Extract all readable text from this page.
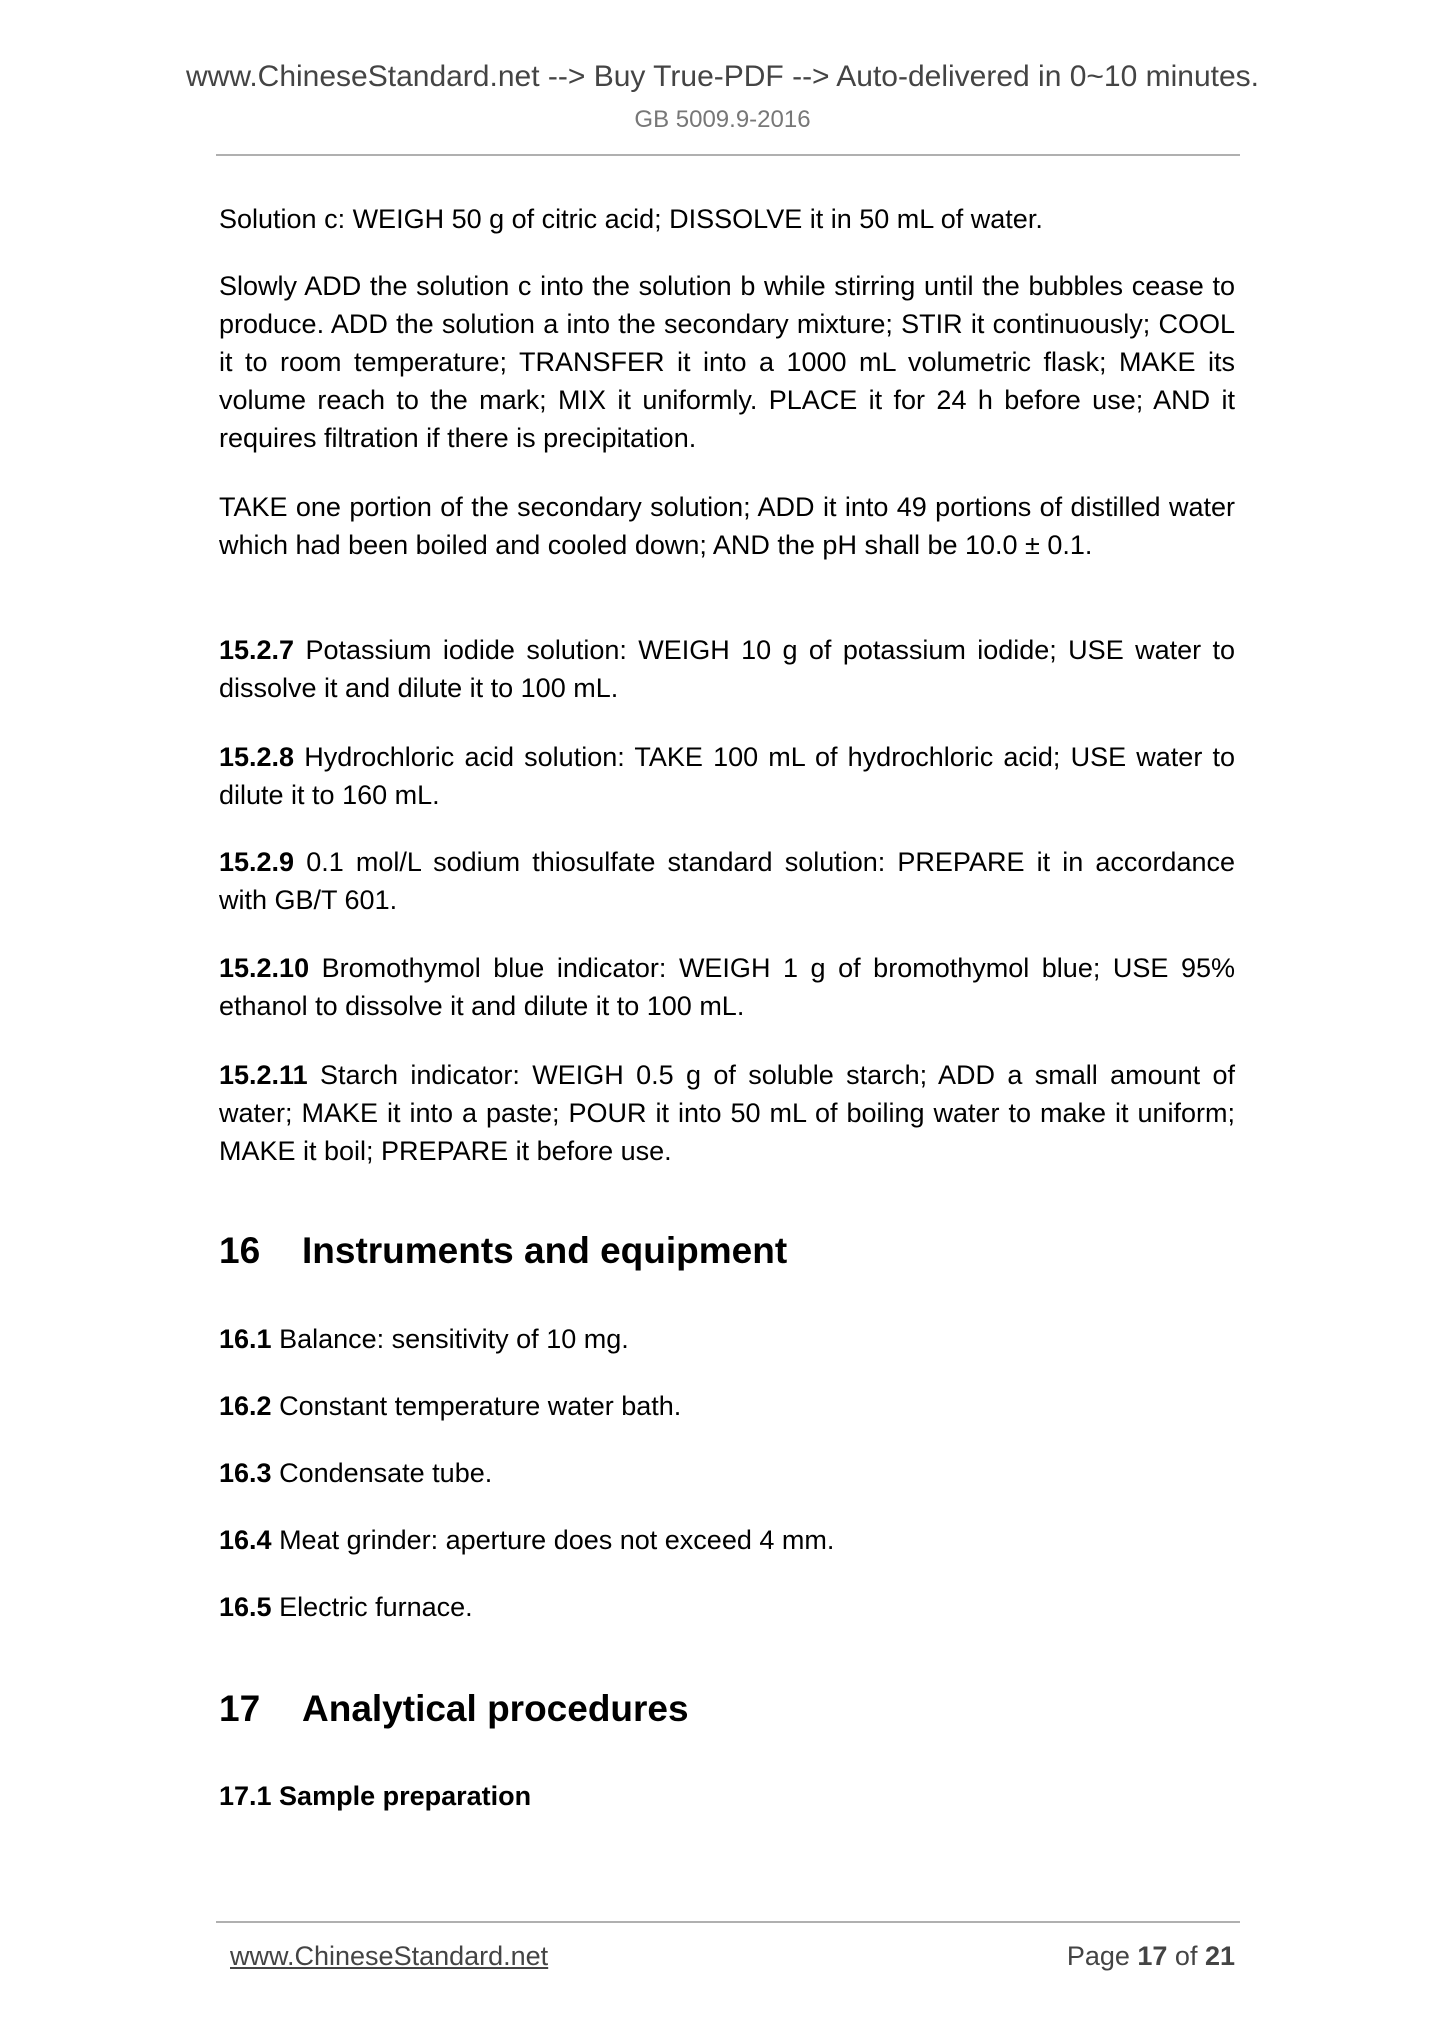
www.ChineseStandard.net --> Buy True-PDF --> Auto-delivered in 0~10 minutes.
GB 5009.9-2016
Solution c: WEIGH 50 g of citric acid; DISSOLVE it in 50 mL of water.
Slowly ADD the solution c into the solution b while stirring until the bubbles cease to produce. ADD the solution a into the secondary mixture; STIR it continuously; COOL it to room temperature; TRANSFER it into a 1000 mL volumetric flask; MAKE its volume reach to the mark; MIX it uniformly. PLACE it for 24 h before use; AND it requires filtration if there is precipitation.
TAKE one portion of the secondary solution; ADD it into 49 portions of distilled water which had been boiled and cooled down; AND the pH shall be 10.0 ± 0.1.
15.2.7 Potassium iodide solution: WEIGH 10 g of potassium iodide; USE water to dissolve it and dilute it to 100 mL.
15.2.8 Hydrochloric acid solution: TAKE 100 mL of hydrochloric acid; USE water to dilute it to 160 mL.
15.2.9 0.1 mol/L sodium thiosulfate standard solution: PREPARE it in accordance with GB/T 601.
15.2.10 Bromothymol blue indicator: WEIGH 1 g of bromothymol blue; USE 95% ethanol to dissolve it and dilute it to 100 mL.
15.2.11 Starch indicator: WEIGH 0.5 g of soluble starch; ADD a small amount of water; MAKE it into a paste; POUR it into 50 mL of boiling water to make it uniform; MAKE it boil; PREPARE it before use.
16 Instruments and equipment
16.1 Balance: sensitivity of 10 mg.
16.2 Constant temperature water bath.
16.3 Condensate tube.
16.4 Meat grinder: aperture does not exceed 4 mm.
16.5 Electric furnace.
17 Analytical procedures
17.1 Sample preparation
www.ChineseStandard.net	Page 17 of 21
